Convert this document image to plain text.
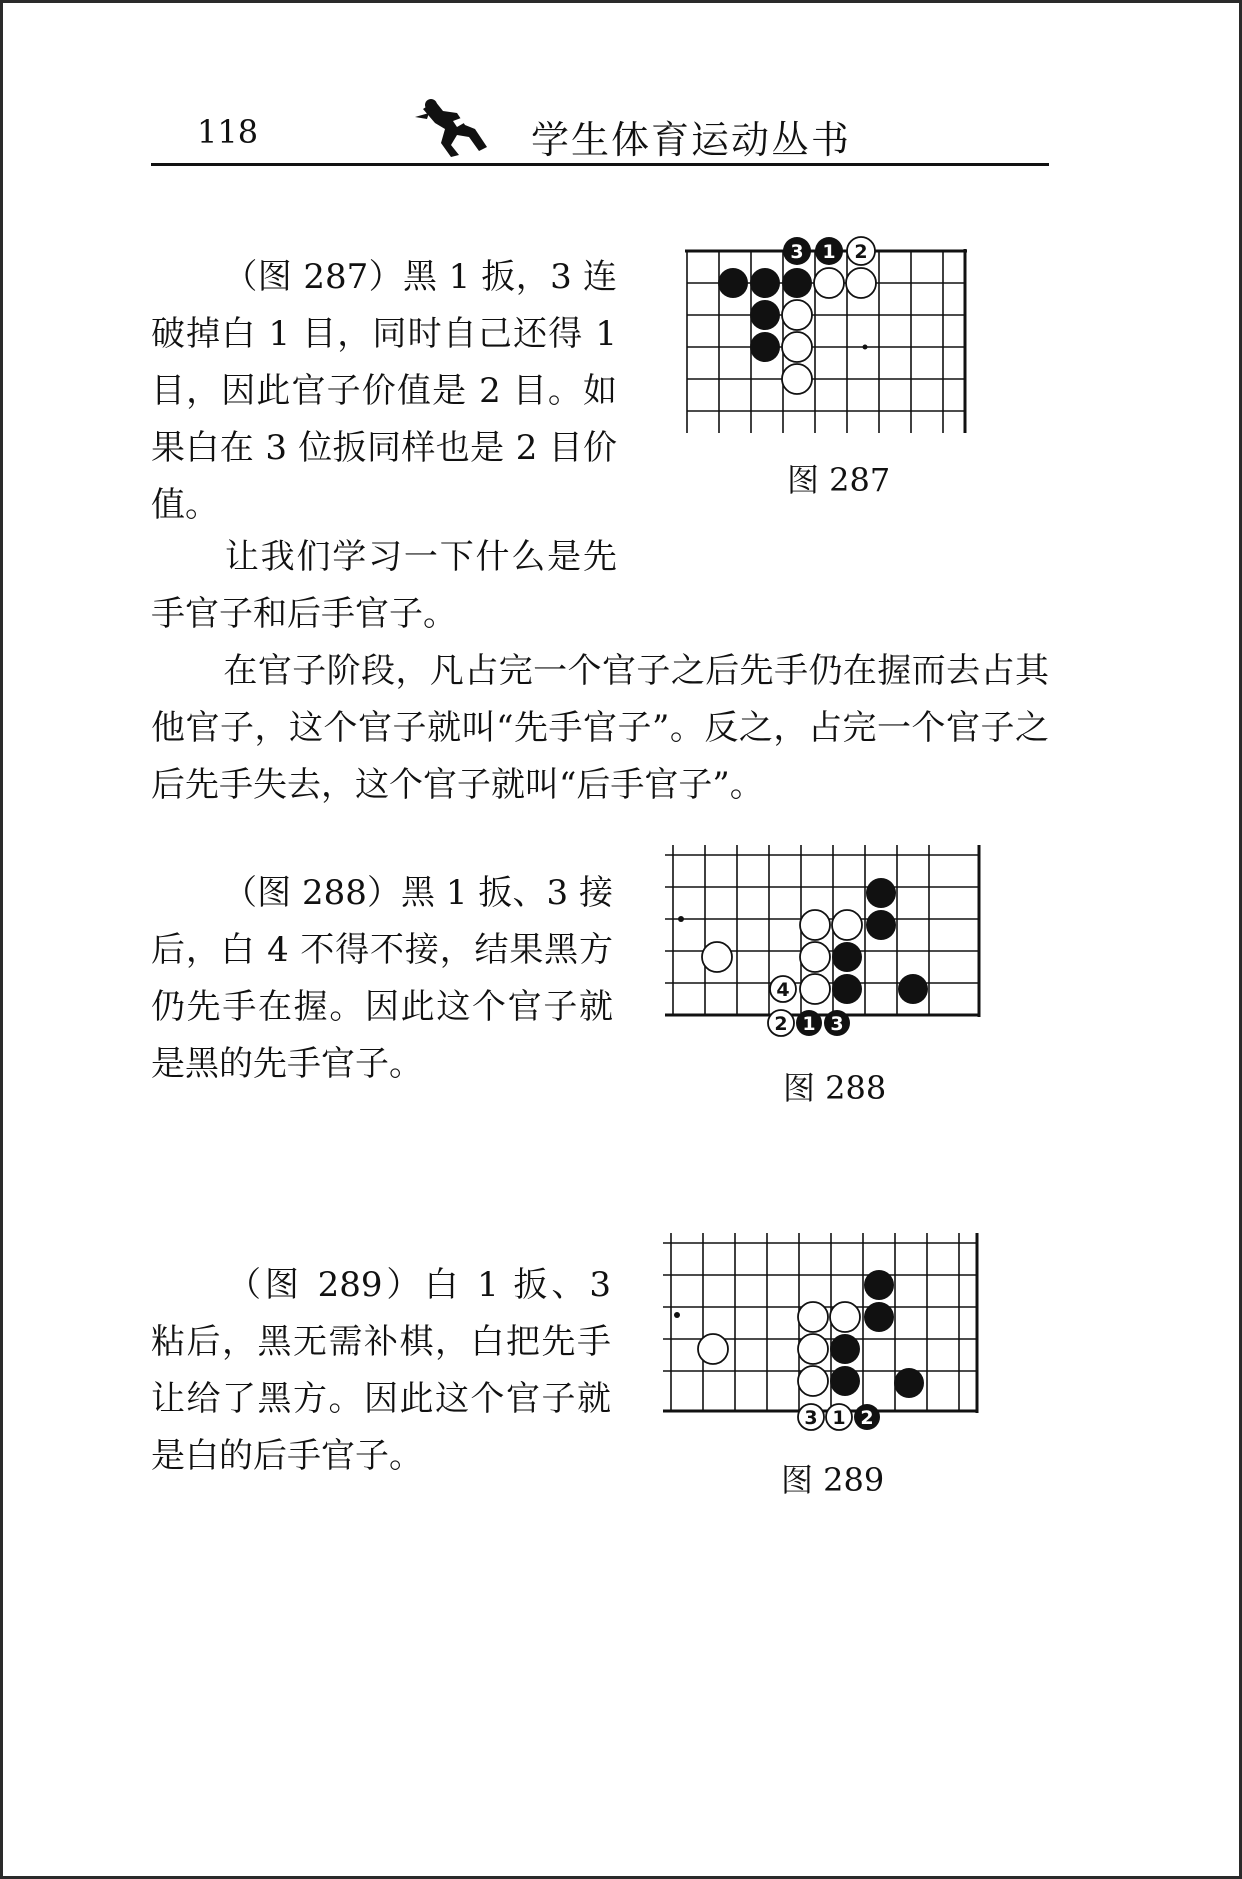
118	学生体育运动丛书

（图 287）黑 1 扳，3 连破掉白 1 目，同时自己还得 1 目，因此官子价值是 2 目。如果白在 3 位扳同样也是 2 目价值。

3 1 2
图 287

让我们学习一下什么是先手官子和后手官子。

在官子阶段，凡占完一个官子之后先手仍在握而去占其他官子，这个官子就叫“先手官子”。反之，占完一个官子之后先手失去，这个官子就叫“后手官子”。

（图 288）黑 1 扳、3 接后，白 4 不得不接，结果黑方仍先手在握。因此这个官子就是黑的先手官子。

4
2 1 3
图 288

（图 289）白 1 扳、3 粘后，黑无需补棋，白把先手让给了黑方。因此这个官子就是白的后手官子。

3 1 2
图 289
